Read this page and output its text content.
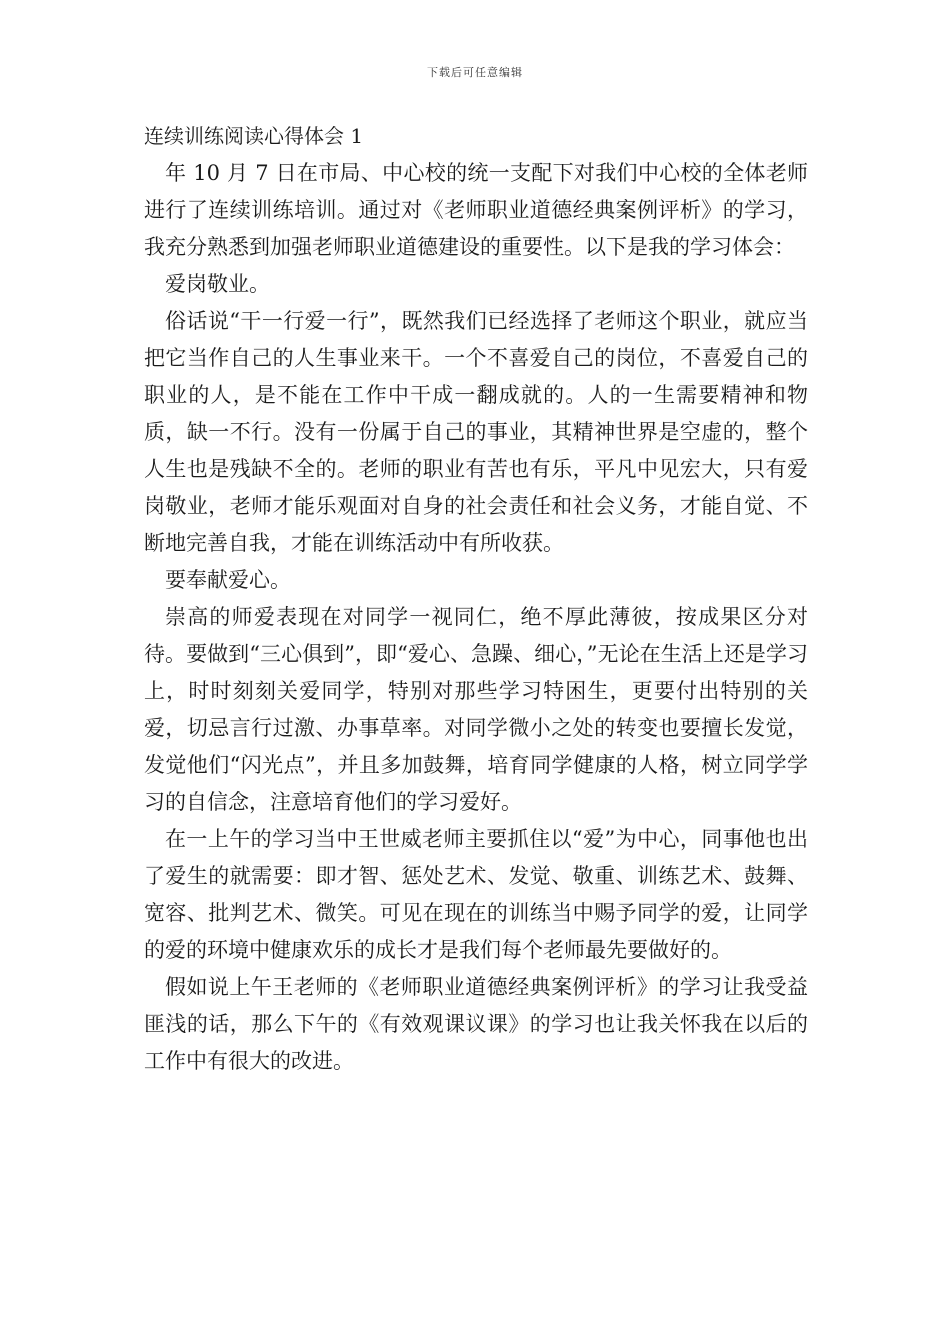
下载后可任意编辑
连续训练阅读心得体会 1

年 10 月 7 日在市局、中心校的统一支配下对我们中心校的全体老师进行了连续训练培训。通过对《老师职业道德经典案例评析》的学习，我充分熟悉到加强老师职业道德建设的重要性。以下是我的学习体会：

爱岗敬业。

俗话说“干一行爱一行”，既然我们已经选择了老师这个职业，就应当把它当作自己的人生事业来干。一个不喜爱自己的岗位，不喜爱自己的职业的人，是不能在工作中干成一翻成就的。人的一生需要精神和物质，缺一不行。没有一份属于自己的事业，其精神世界是空虚的，整个人生也是残缺不全的。老师的职业有苦也有乐，平凡中见宏大，只有爱岗敬业，老师才能乐观面对自身的社会责任和社会义务，才能自觉、不断地完善自我，才能在训练活动中有所收获。

要奉献爱心。

崇高的师爱表现在对同学一视同仁，绝不厚此薄彼，按成果区分对待。要做到“三心俱到”，即“爱心、急躁、细心，”无论在生活上还是学习上，时时刻刻关爱同学，特别对那些学习特困生，更要付出特别的关爱，切忌言行过激、办事草率。对同学微小之处的转变也要擅长发觉，发觉他们“闪光点”，并且多加鼓舞，培育同学健康的人格，树立同学学习的自信念，注意培育他们的学习爱好。

在一上午的学习当中王世威老师主要抓住以“爱”为中心，同事他也出了爱生的就需要：即才智、惩处艺术、发觉、敬重、训练艺术、鼓舞、宽容、批判艺术、微笑。可见在现在的训练当中赐予同学的爱，让同学的爱的环境中健康欢乐的成长才是我们每个老师最先要做好的。

假如说上午王老师的《老师职业道德经典案例评析》的学习让我受益匪浅的话，那么下午的《有效观课议课》的学习也让我关怀我在以后的工作中有很大的改进。
